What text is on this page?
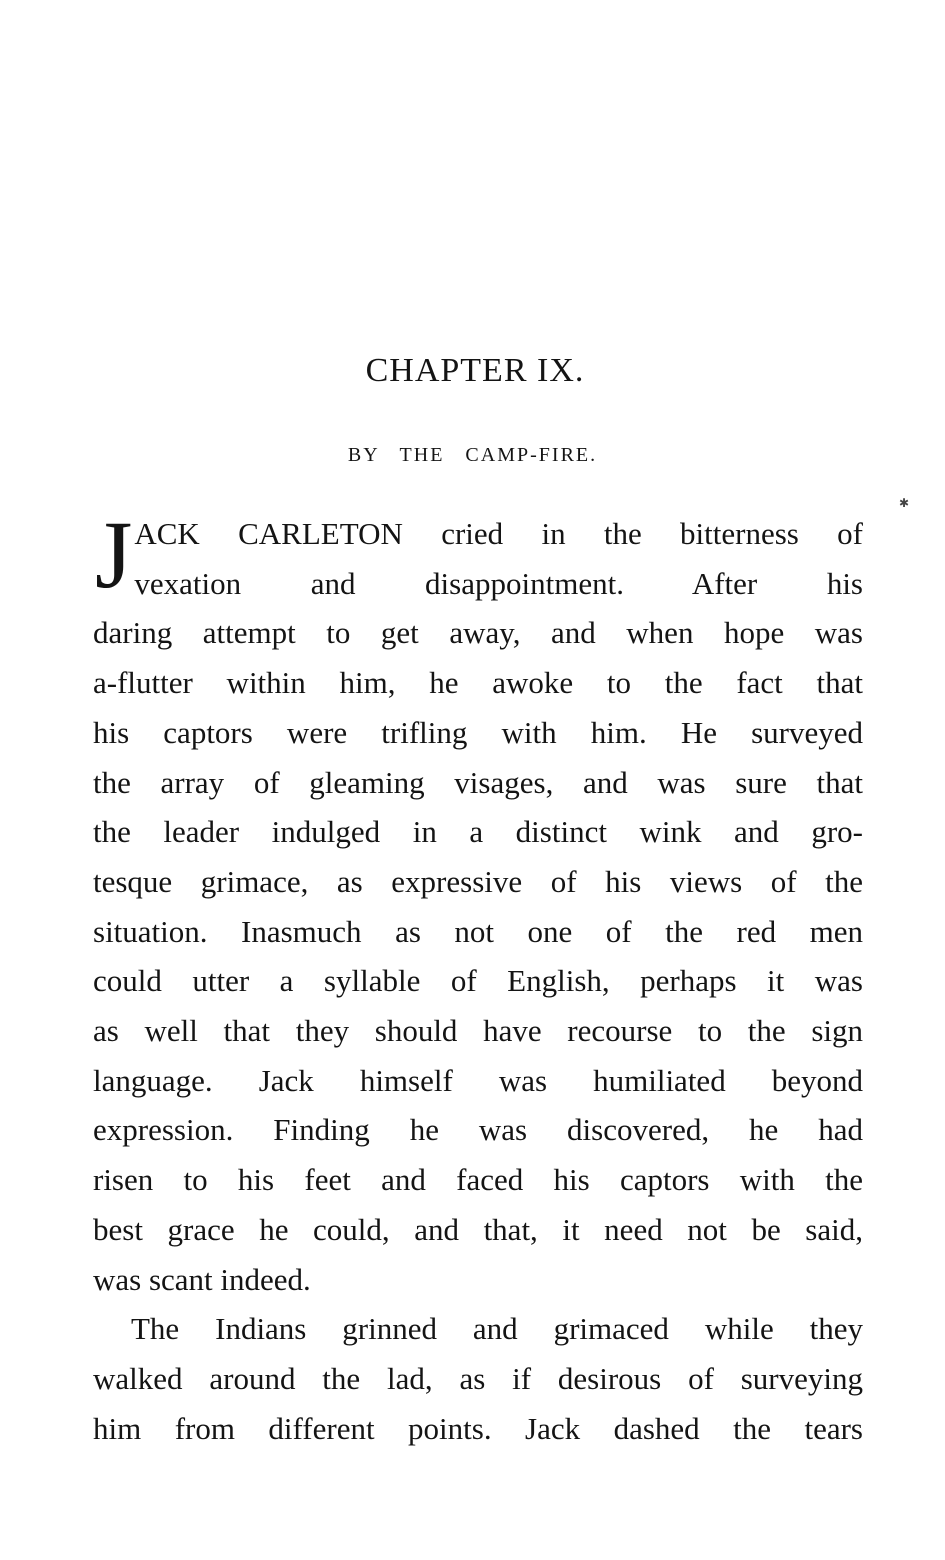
CHAPTER IX.
BY THE CAMP-FIRE.
✱
J ACK CARLETON cried in the bitterness of
vexation and disappointment. After his
daring attempt to get away, and when hope was
a-flutter within him, he awoke to the fact that
his captors were trifling with him. He surveyed
the array of gleaming visages, and was sure that
the leader indulged in a distinct wink and gro-
tesque grimace, as expressive of his views of the
situation. Inasmuch as not one of the red men
could utter a syllable of English, perhaps it was
as well that they should have recourse to the sign
language. Jack himself was humiliated beyond
expression. Finding he was discovered, he had
risen to his feet and faced his captors with the
best grace he could, and that, it need not be said,
was scant indeed.
The Indians grinned and grimaced while they
walked around the lad, as if desirous of surveying
him from different points. Jack dashed the tears
